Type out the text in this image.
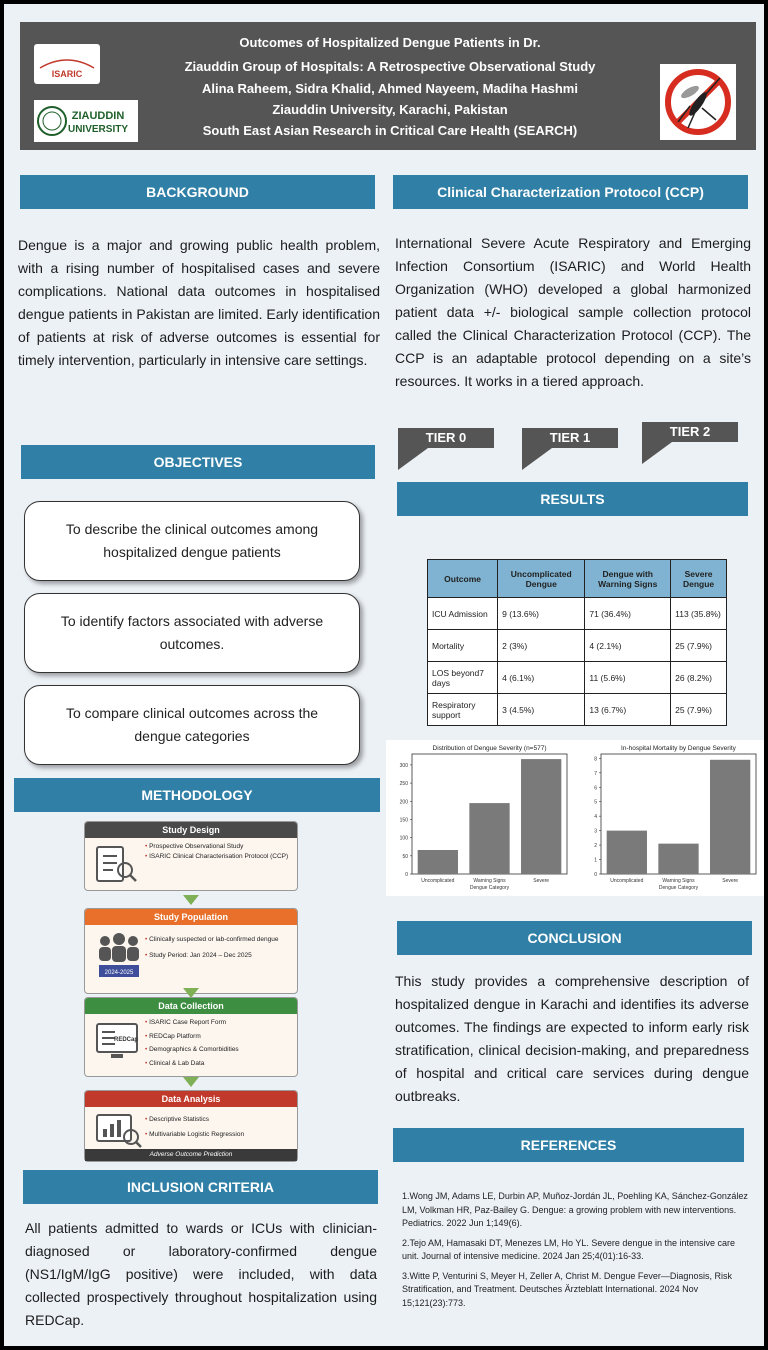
ISARIC
ZIAUDDIN
UNIVERSITY
Outcomes of Hospitalized Dengue Patients in Dr.
Ziauddin Group of Hospitals: A Retrospective Observational Study
Alina Raheem, Sidra Khalid, Ahmed Nayeem, Madiha Hashmi
Ziauddin University, Karachi, Pakistan
South East Asian Research in Critical Care Health (SEARCH)
BACKGROUND
Dengue is a major and growing public health problem, with a rising number of hospitalised cases and severe complications. National data outcomes in hospitalised dengue patients in Pakistan are limited. Early identification of patients at risk of adverse outcomes is essential for timely intervention, particularly in intensive care settings.
OBJECTIVES
To describe the clinical outcomes among hospitalized dengue patients
To identify factors associated with adverse outcomes.
To compare clinical outcomes across the dengue categories
METHODOLOGY
Study Design
• Prospective Observational Study
• ISARIC Clinical Characterisation Protocol (CCP)
Study Population
2024-2025
• Clinically suspected or lab-confirmed dengue
• Study Period: Jan 2024 – Dec 2025
Data Collection
REDCap
• ISARIC Case Report Form
• REDCap Platform
• Demographics & Comorbidities
• Clinical & Lab Data
Data Analysis
• Descriptive Statistics
• Multivariable Logistic Regression
Adverse Outcome Prediction
INCLUSION CRITERIA
All patients admitted to wards or ICUs with clinician-diagnosed or laboratory-confirmed dengue (NS1/IgM/IgG positive) were included, with data collected prospectively throughout hospitalization using REDCap.
Clinical Characterization Protocol (CCP)
International Severe Acute Respiratory and Emerging Infection Consortium (ISARIC) and World Health Organization (WHO) developed a global harmonized patient data +/- biological sample collection protocol called the Clinical Characterization Protocol (CCP). The CCP is an adaptable protocol depending on a site’s resources. It works in a tiered approach.
TIER 0	TIER 1	TIER 2
RESULTS
Outcome	Uncomplicated Dengue	Dengue with Warning Signs	Severe Dengue
ICU Admission	9 (13.6%)	71 (36.4%)	113 (35.8%)
Mortality	2 (3%)	4 (2.1%)	25 (7.9%)
LOS beyond7 days	4 (6.1%)	11 (5.6%)	26 (8.2%)
Respiratory support	3 (4.5%)	13 (6.7%)	25 (7.9%)
Distribution of Dengue Severity (n=577)
0
50
100
150
200
250
300
Uncomplicated	Warning Signs	Severe
Dengue Category
In-hospital Mortality by Dengue Severity
0
1
2
3
4
5
6
7
8
Uncomplicated	Warning Signs	Severe
Dengue Category
CONCLUSION
This study provides a comprehensive description of hospitalized dengue in Karachi and identifies its adverse outcomes. The findings are expected to inform early risk stratification, clinical decision-making, and preparedness of hospital and critical care services during dengue outbreaks.
REFERENCES
1.Wong JM, Adams LE, Durbin AP, Muñoz-Jordán JL, Poehling KA, Sánchez-González LM, Volkman HR, Paz-Bailey G. Dengue: a growing problem with new interventions. Pediatrics. 2022 Jun 1;149(6).
2.Tejo AM, Hamasaki DT, Menezes LM, Ho YL. Severe dengue in the intensive care unit. Journal of intensive medicine. 2024 Jan 25;4(01):16-33.
3.Witte P, Venturini S, Meyer H, Zeller A, Christ M. Dengue Fever—Diagnosis, Risk Stratification, and Treatment. Deutsches Ärzteblatt International. 2024 Nov 15;121(23):773.
